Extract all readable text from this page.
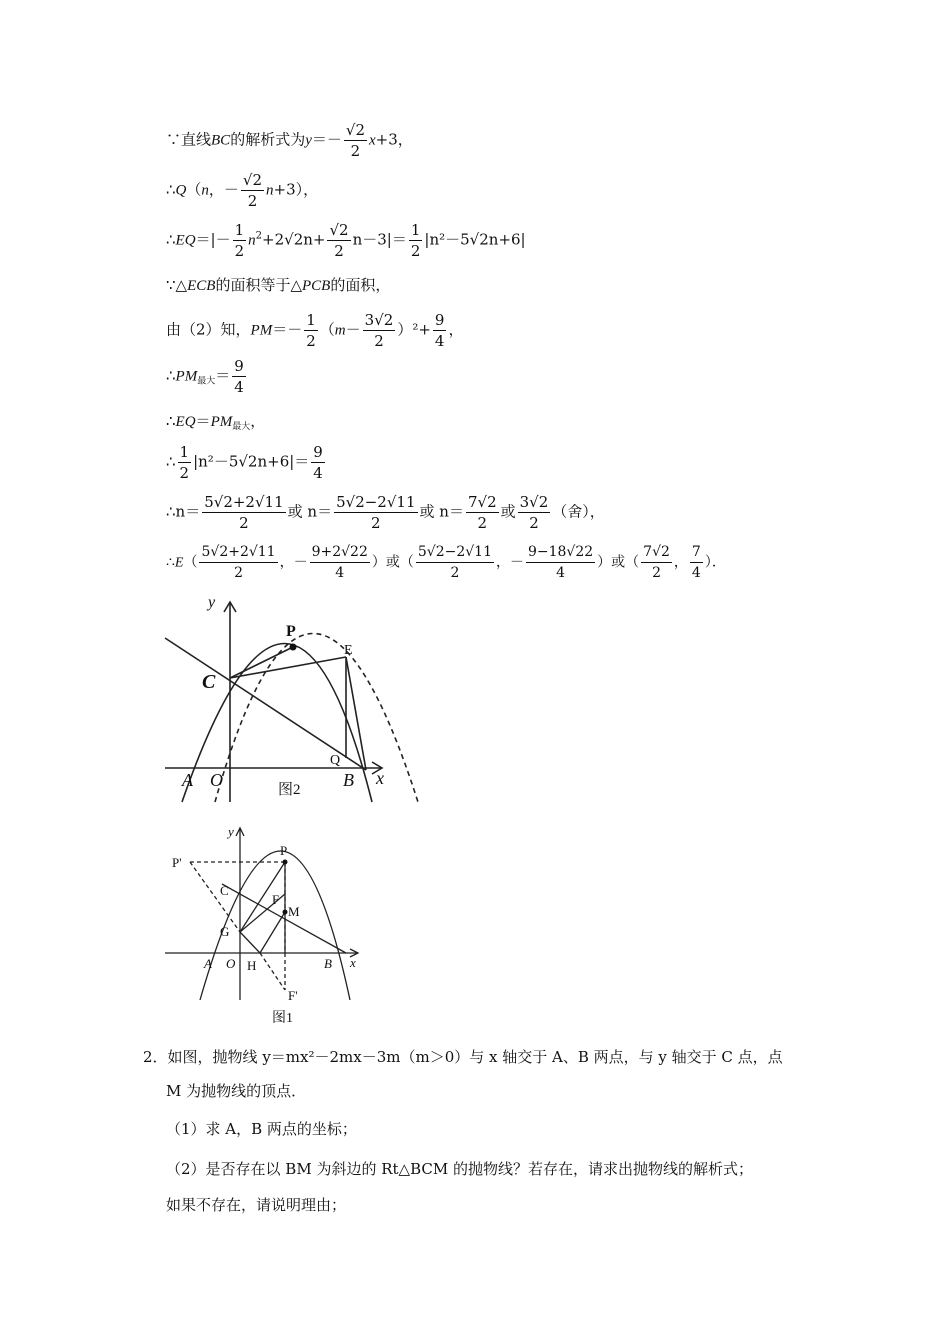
∵直线BC的解析式为$y=- \frac{√2}{2} x+3$，
∴Q（n，－ $\frac{√2}{2} n+3$），
∴EQ＝|－ $\frac{1}{2} n^2+2√2n+ \frac{√2}{2} n-3|= \frac{1}{2} |n^2-5√2n+6|$
∵△ECB的面积等于△PCB的面积，
由（2）知，$PM=- \frac{1}{2} (m- \frac{3√2}{2} )^2+ \frac{9}{4}$ ，
$\therefore PM_{最大}= \frac{9}{4}$
$\therefore EQ=PM_{最大}$，
∴ $\frac{1}{2} |n^2-5√2n+6|= \frac{9}{4}$
∴n＝ $\frac{5√2+2√11}{2}$ 或 $n= \frac{5√2-2√11}{2}$ 或 $n= \frac{7√2}{2}$ 或 $\frac{3√2}{2}$ （舍），
∴E（ $\frac{5√2+2√11}{2}$ ，－ $\frac{9+2√22}{4}$ ）或（ $\frac{5√2-2√11}{2}$ ，－ $\frac{9-18√22}{4}$ ）或（ $\frac{7√2}{2}$ ， $\frac{7}{4}$ ）．
y
P
E
C
Q
A O	B x
图2
y
P
P'
C
F
M
G
A O H	B x
F'
图1
2．如图，抛物线 y＝mx²－2mx－3m（m＞0）与 x 轴交于 A、B 两点，与 y 轴交于 C 点，点
M 为抛物线的顶点．
（1）求 A，B 两点的坐标；
（2）是否存在以 BM 为斜边的 Rt△BCM 的抛物线？若存在，请求出抛物线的解析式；
如果不存在，请说明理由；
